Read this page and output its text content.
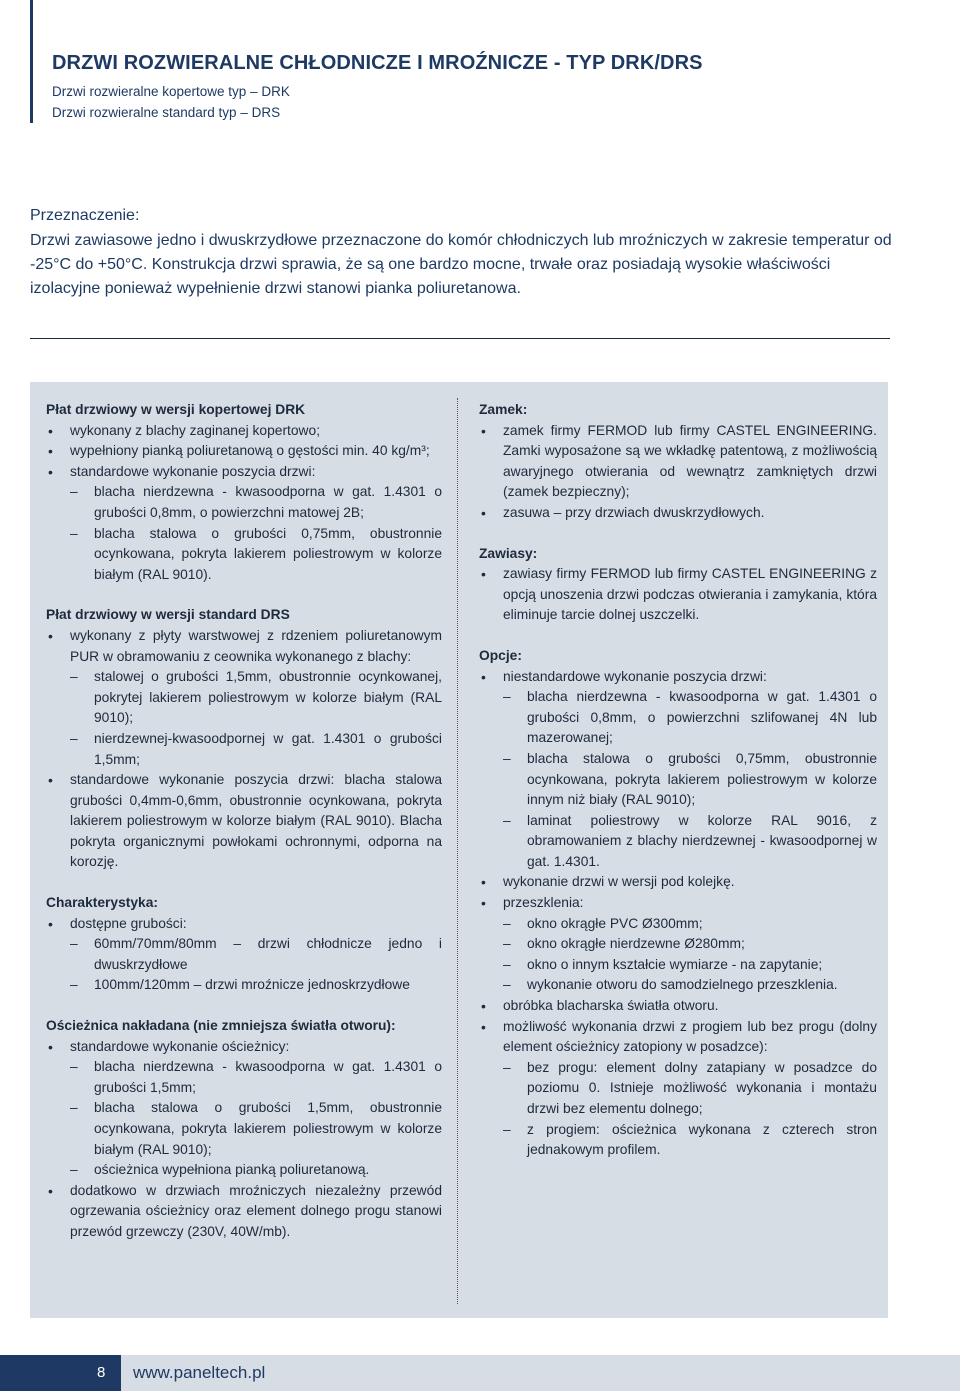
DRZWI ROZWIERALNE CHŁODNICZE I MROŹNICZE - TYP DRK/DRS
Drzwi rozwieralne kopertowe typ – DRK
Drzwi rozwieralne standard typ – DRS

Przeznaczenie:

Drzwi zawiasowe jedno i dwuskrzydłowe przeznaczone do komór chłodniczych lub mroźniczych w zakresie temperatur od -25°C do +50°C. Konstrukcja drzwi sprawia, że są one bardzo mocne, trwałe oraz posiadają wysokie właściwości izolacyjne ponieważ wypełnienie drzwi stanowi pianka poliuretanowa.

Płat drzwiowy w wersji kopertowej DRK

• wykonany z blachy zaginanej kopertowo;
• wypełniony pianką poliuretanową o gęstości min. 40 kg/m³;
• standardowe wykonanie poszycia drzwi:
– blacha nierdzewna - kwasoodporna w gat. 1.4301 o grubości 0,8mm, o powierzchni matowej 2B;
– blacha stalowa o grubości 0,75mm, obustronnie ocynkowana, pokryta lakierem poliestrowym w kolorze białym (RAL 9010).

Płat drzwiowy w wersji standard DRS

• wykonany z płyty warstwowej z rdzeniem poliuretanowym PUR w obramowaniu z ceownika wykonanego z blachy:
– stalowej o grubości 1,5mm, obustronnie ocynkowanej, pokrytej lakierem poliestrowym w kolorze białym (RAL 9010);
– nierdzewnej-kwasoodpornej w gat. 1.4301 o grubości 1,5mm;
• standardowe wykonanie poszycia drzwi: blacha stalowa grubości 0,4mm-0,6mm, obustronnie ocynkowana, pokryta lakierem poliestrowym w kolorze białym (RAL 9010). Blacha pokryta organicznymi powłokami ochronnymi, odporna na korozję.

Charakterystyka:

• dostępne grubości:
– 60mm/70mm/80mm – drzwi chłodnicze jedno i dwuskrzydłowe
– 100mm/120mm – drzwi mroźnicze jednoskrzydłowe

Ościeżnica nakładana (nie zmniejsza światła otworu):

• standardowe wykonanie ościeżnicy:
– blacha nierdzewna - kwasoodporna w gat. 1.4301 o grubości 1,5mm;
– blacha stalowa o grubości 1,5mm, obustronnie ocynkowana, pokryta lakierem poliestrowym w kolorze białym (RAL 9010);
– ościeżnica wypełniona pianką poliuretanową.
• dodatkowo w drzwiach mroźniczych niezależny przewód ogrzewania ościeżnicy oraz element dolnego progu stanowi przewód grzewczy (230V, 40W/mb).

Zamek:

• zamek firmy FERMOD lub firmy CASTEL ENGINEERING. Zamki wyposażone są we wkładkę patentową, z możliwością awaryjnego otwierania od wewnątrz zamkniętych drzwi (zamek bezpieczny);
• zasuwa – przy drzwiach dwuskrzydłowych.

Zawiasy:

• zawiasy firmy FERMOD lub firmy CASTEL ENGINEERING z opcją unoszenia drzwi podczas otwierania i zamykania, która eliminuje tarcie dolnej uszczelki.

Opcje:

• niestandardowe wykonanie poszycia drzwi:
– blacha nierdzewna - kwasoodporna w gat. 1.4301 o grubości 0,8mm, o powierzchni szlifowanej 4N lub mazerowanej;
– blacha stalowa o grubości 0,75mm, obustronnie ocynkowana, pokryta lakierem poliestrowym w kolorze innym niż biały (RAL 9010);
– laminat poliestrowy w kolorze RAL 9016, z obramowaniem z blachy nierdzewnej - kwasoodpornej w gat. 1.4301.
• wykonanie drzwi w wersji pod kolejkę.
• przeszklenia:
– okno okrągłe PVC Ø300mm;
– okno okrągłe nierdzewne Ø280mm;
– okno o innym kształcie wymiarze - na zapytanie;
– wykonanie otworu do samodzielnego przeszklenia.
• obróbka blacharska światła otworu.
• możliwość wykonania drzwi z progiem lub bez progu (dolny element ościeżnicy zatopiony w posadzce):
– bez progu: element dolny zatapiany w posadzce do poziomu 0. Istnieje możliwość wykonania i montażu drzwi bez elementu dolnego;
– z progiem: ościeżnica wykonana z czterech stron jednakowym profilem.
8 www.paneltech.pl
